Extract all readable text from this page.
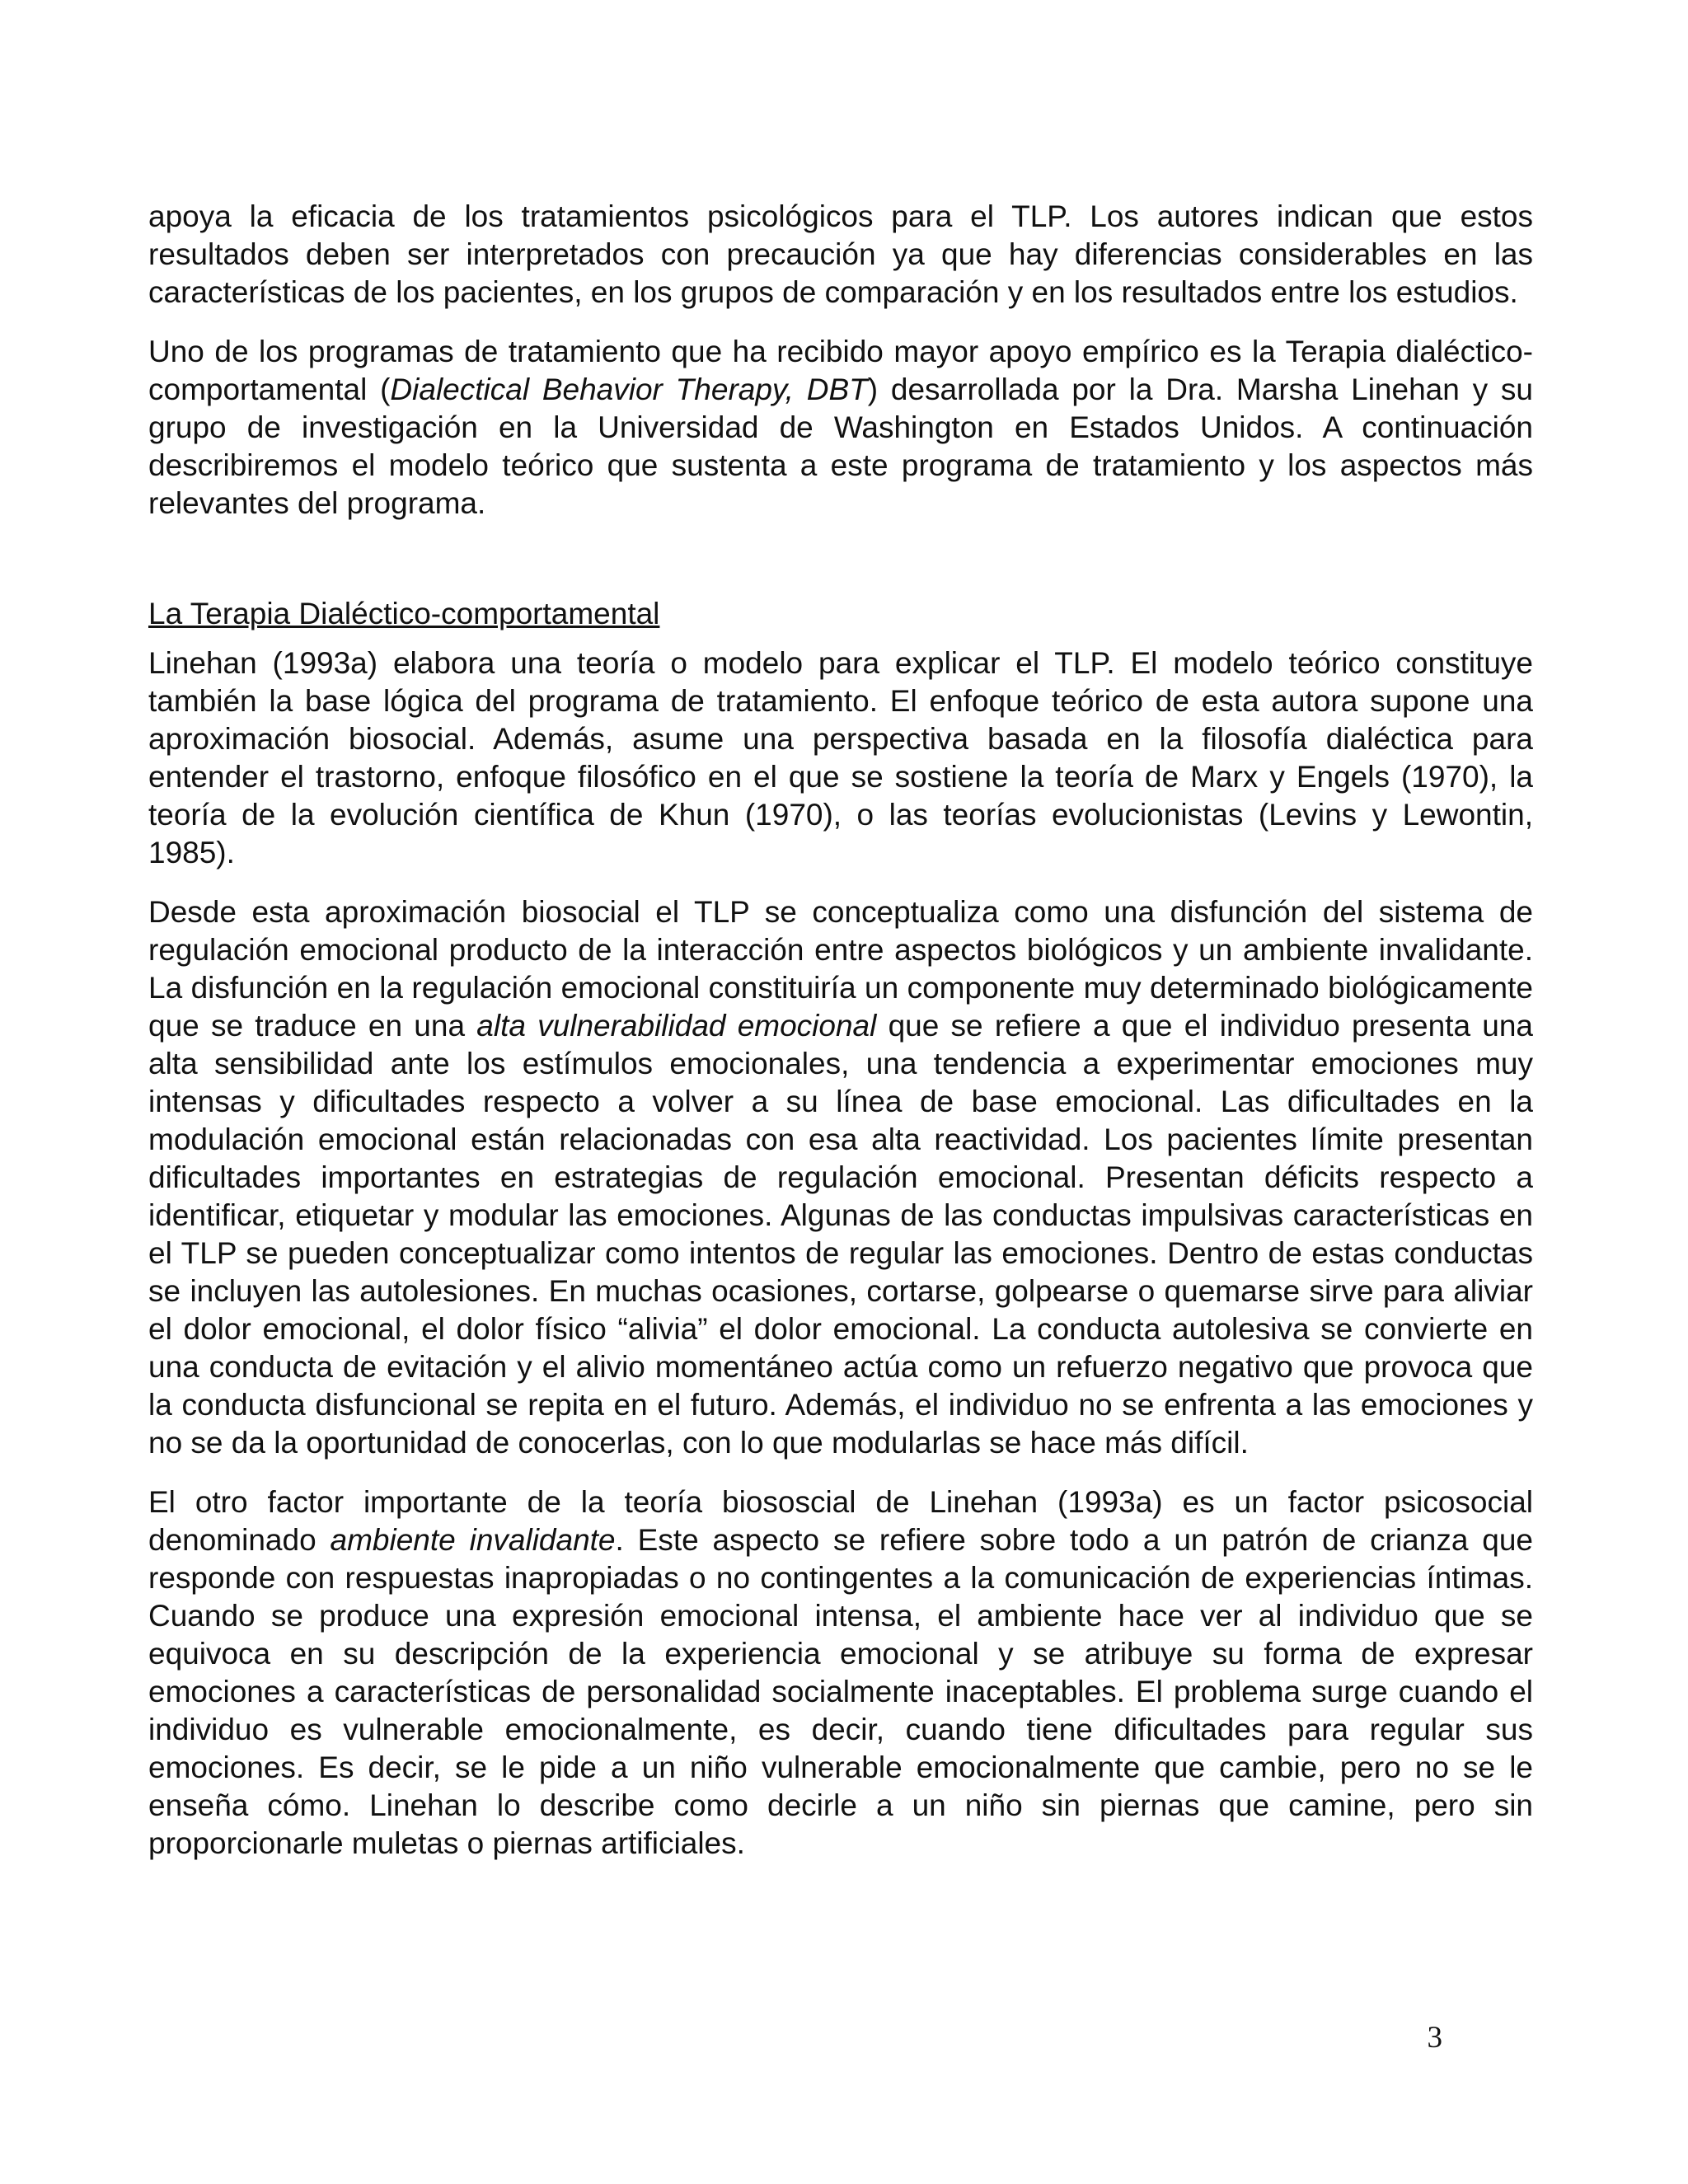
apoya la eficacia de los tratamientos psicológicos para el TLP. Los autores indican que estos resultados deben ser interpretados con precaución ya que hay diferencias considerables en las características de los pacientes, en los grupos de comparación y en los resultados entre los estudios.

Uno de los programas de tratamiento que ha recibido mayor apoyo empírico es la Terapia dialéctico-comportamental (Dialectical Behavior Therapy, DBT) desarrollada por la Dra. Marsha Linehan y su grupo de investigación en la Universidad de Washington en Estados Unidos. A continuación describiremos el modelo teórico que sustenta a este programa de tratamiento y los aspectos más relevantes del programa.

La Terapia Dialéctico-comportamental

Linehan (1993a) elabora una teoría o modelo para explicar el TLP. El modelo teórico constituye también la base lógica del programa de tratamiento. El enfoque teórico de esta autora supone una aproximación biosocial. Además, asume una perspectiva basada en la filosofía dialéctica para entender el trastorno, enfoque filosófico en el que se sostiene la teoría de Marx y Engels (1970), la teoría de la evolución científica de Khun (1970), o las teorías evolucionistas (Levins y Lewontin, 1985).

Desde esta aproximación biosocial el TLP se conceptualiza como una disfunción del sistema de regulación emocional producto de la interacción entre aspectos biológicos y un ambiente invalidante. La disfunción en la regulación emocional constituiría un componente muy determinado biológicamente que se traduce en una alta vulnerabilidad emocional que se refiere a que el individuo presenta una alta sensibilidad ante los estímulos emocionales, una tendencia a experimentar emociones muy intensas y dificultades respecto a volver a su línea de base emocional. Las dificultades en la modulación emocional están relacionadas con esa alta reactividad. Los pacientes límite presentan dificultades importantes en estrategias de regulación emocional. Presentan déficits respecto a identificar, etiquetar y modular las emociones. Algunas de las conductas impulsivas características en el TLP se pueden conceptualizar como intentos de regular las emociones. Dentro de estas conductas se incluyen las autolesiones. En muchas ocasiones, cortarse, golpearse o quemarse sirve para aliviar el dolor emocional, el dolor físico “alivia” el dolor emocional. La conducta autolesiva se convierte en una conducta de evitación y el alivio momentáneo actúa como un refuerzo negativo que provoca que la conducta disfuncional se repita en el futuro. Además, el individuo no se enfrenta a las emociones y no se da la oportunidad de conocerlas, con lo que modularlas se hace más difícil.

El otro factor importante de la teoría biososcial de Linehan (1993a) es un factor psicosocial denominado ambiente invalidante. Este aspecto se refiere sobre todo a un patrón de crianza que responde con respuestas inapropiadas o no contingentes a la comunicación de experiencias íntimas. Cuando se produce una expresión emocional intensa, el ambiente hace ver al individuo que se equivoca en su descripción de la experiencia emocional y se atribuye su forma de expresar emociones a características de personalidad socialmente inaceptables. El problema surge cuando el individuo es vulnerable emocionalmente, es decir, cuando tiene dificultades para regular sus emociones. Es decir, se le pide a un niño vulnerable emocionalmente que cambie, pero no se le enseña cómo. Linehan lo describe como decirle a un niño sin piernas que camine, pero sin proporcionarle muletas o piernas artificiales.

3
